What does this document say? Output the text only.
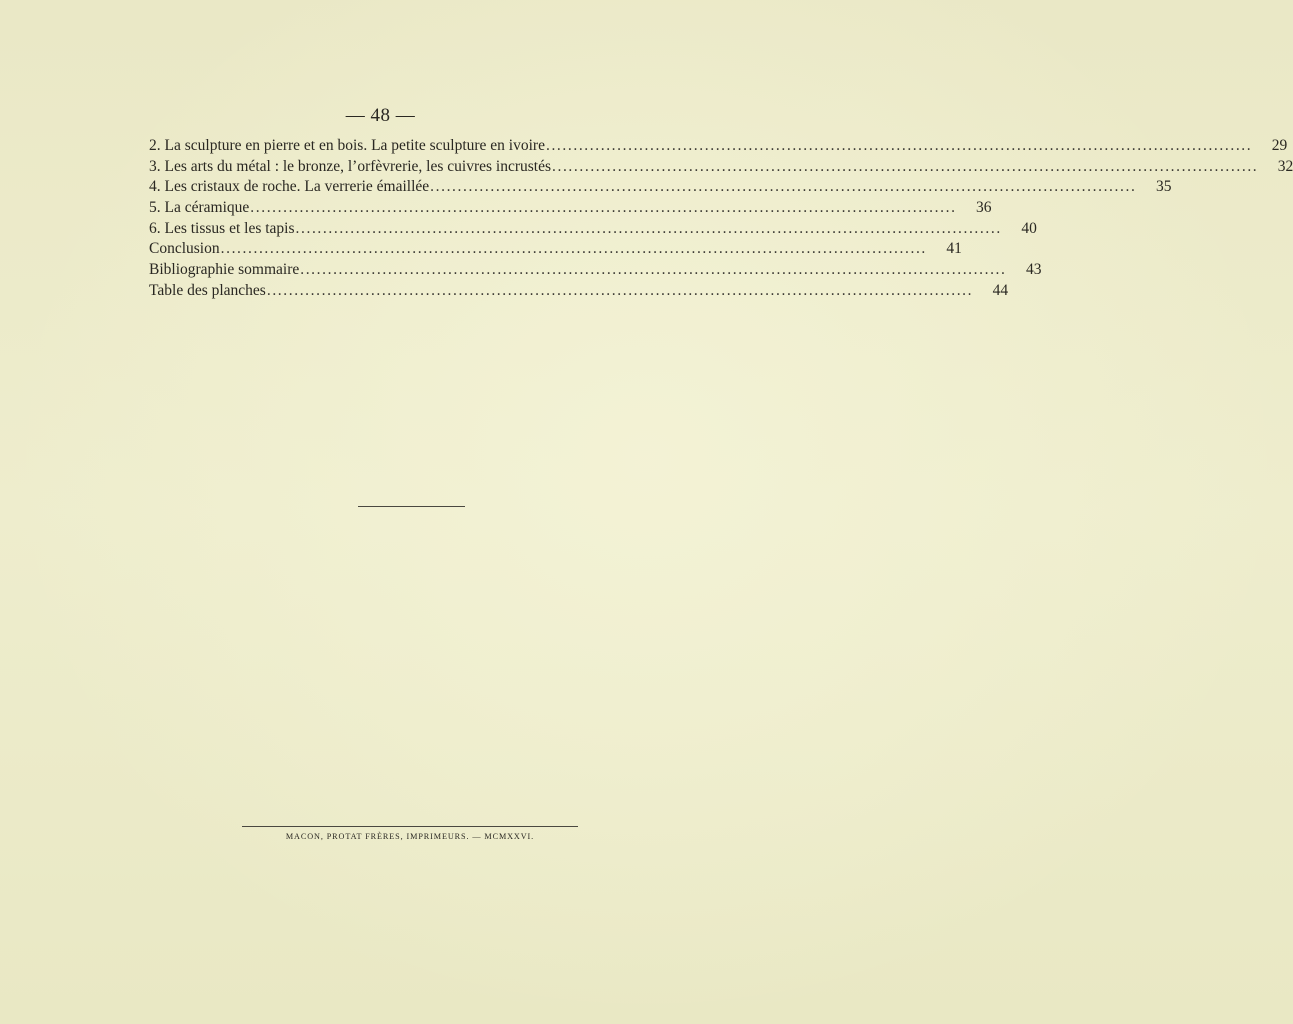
— 48 —
2. La sculpture en pierre et en bois. La petite sculpture en ivoire .................................................................................................................................	29
3. Les arts du métal : le bronze, l’orfèvrerie, les cuivres incrustés .................................................................................................................................	32
4. Les cristaux de roche. La verrerie émaillée .................................................................................................................................	35
5. La céramique .................................................................................................................................	36
6. Les tissus et les tapis .................................................................................................................................	40
Conclusion .................................................................................................................................	41
Bibliographie sommaire .................................................................................................................................	43
Table des planches .................................................................................................................................	44
MACON, PROTAT FRÈRES, IMPRIMEURS. — MCMXXVI.
